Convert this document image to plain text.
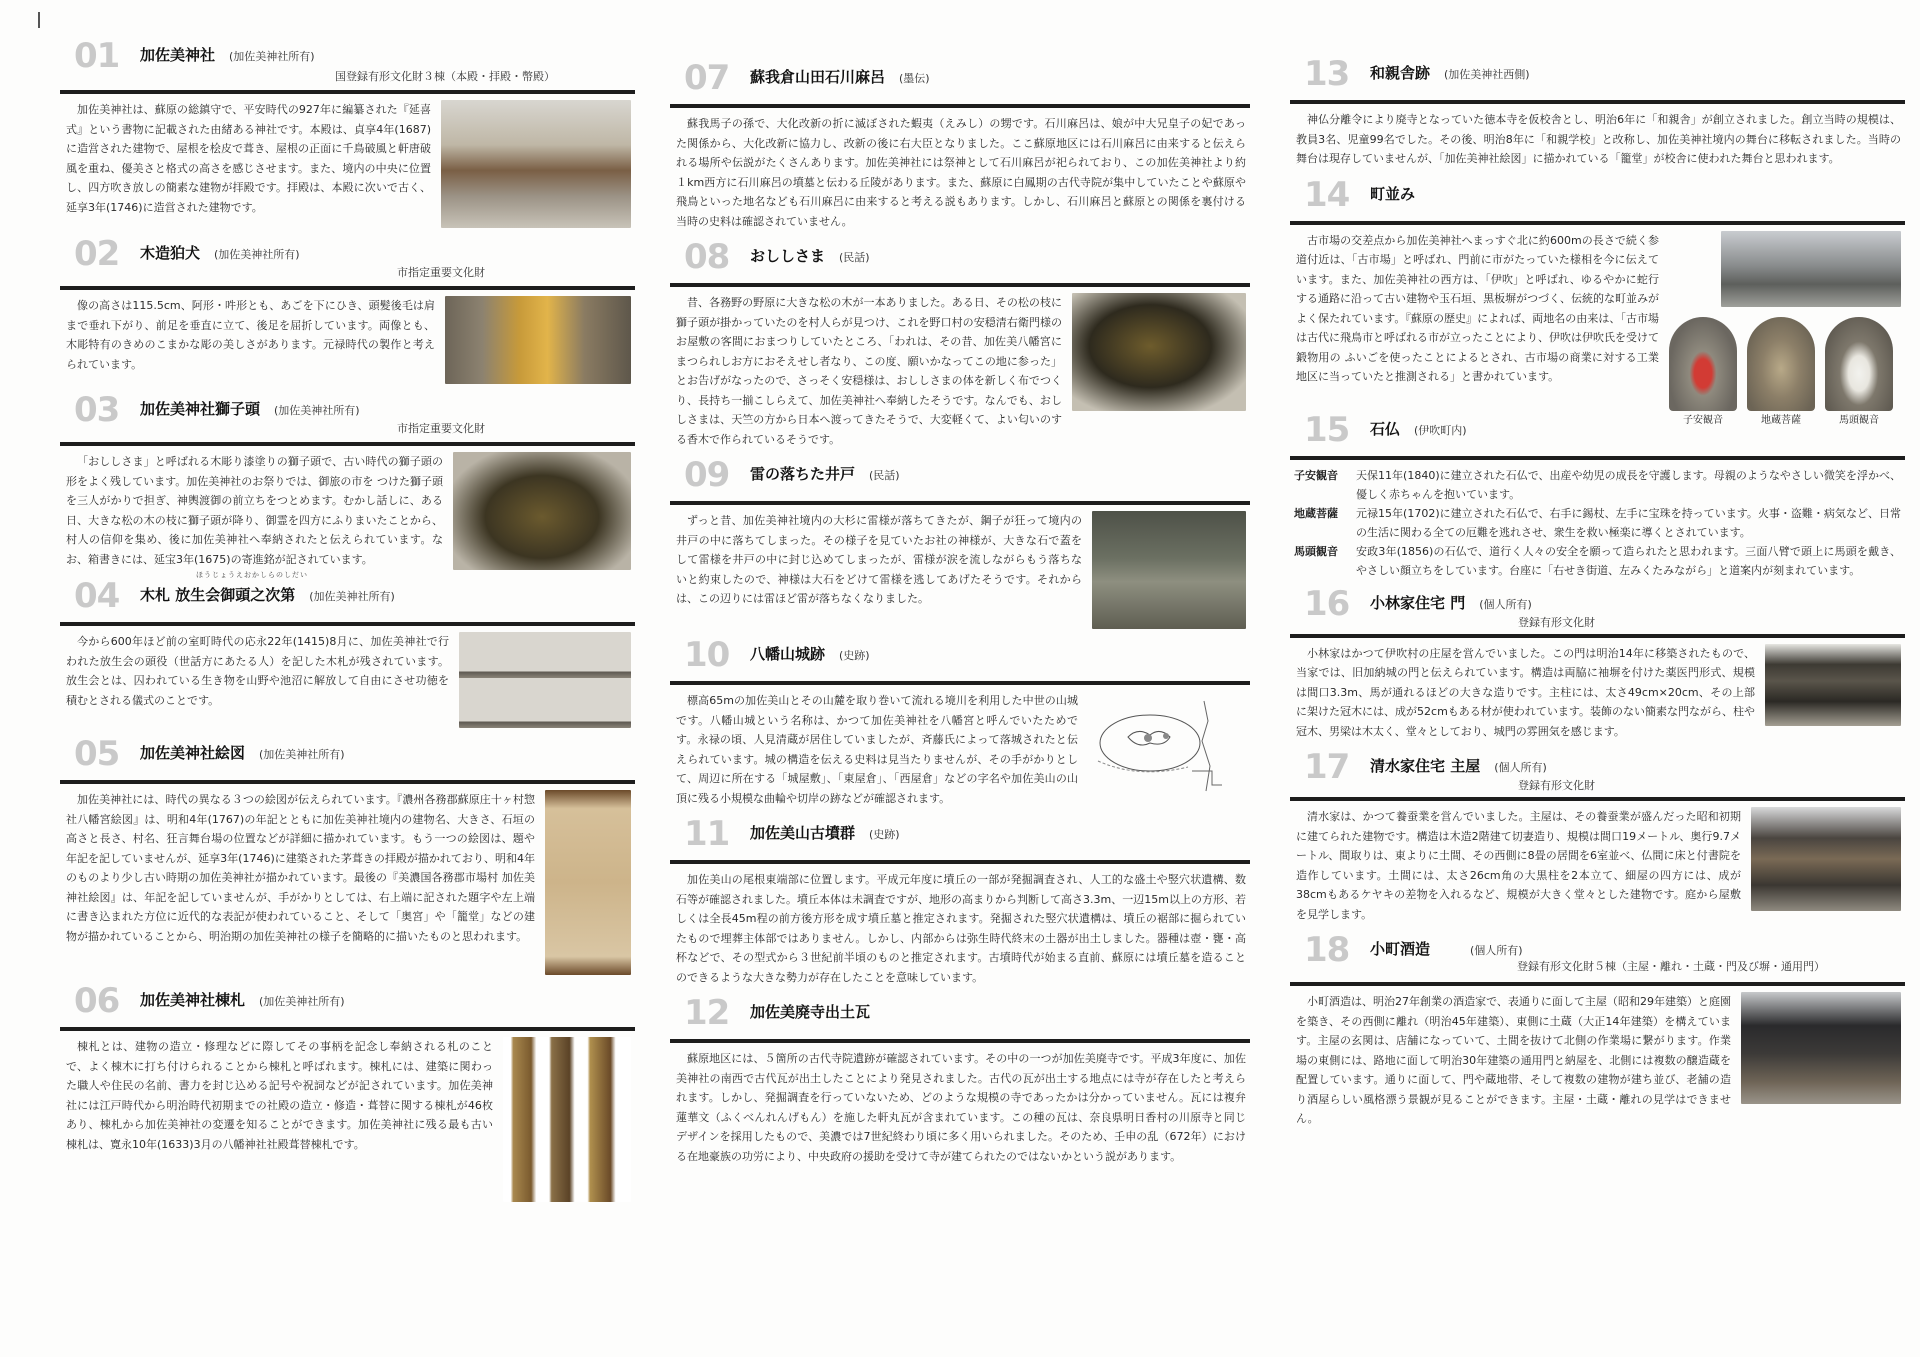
01 加佐美神社 (加佐美神社所有)
国登録有形文化財３棟（本殿・拝殿・幣殿）
加佐美神社は、蘇原の総鎮守で、平安時代の927年に編纂された『延喜式』という書物に記載された由緒ある神社です。本殿は、貞享4年(1687)に造営された建物で、屋根を桧皮で葺き、屋根の正面に千鳥破風と軒唐破風を重ね、優美さと格式の高さを感じさせます。また、境内の中央に位置し、四方吹き放しの簡素な建物が拝殿です。拝殿は、本殿に次いで古く、延享3年(1746)に造営された建物です。
02 木造狛犬 (加佐美神社所有)
市指定重要文化財
像の高さは115.5cm、阿形・吽形とも、あごを下にひき、頭髪後毛は肩まで垂れ下がり、前足を垂直に立て、後足を屈折しています。両像とも、木彫特有のきめのこまかな彫の美しさがあります。元禄時代の製作と考えられています。
03 加佐美神社獅子頭 (加佐美神社所有)
市指定重要文化財
「おししさま」と呼ばれる木彫り漆塗りの獅子頭で、古い時代の獅子頭の形をよく残しています。加佐美神社のお祭りでは、御旅の市を つけた獅子頭を三人がかりで担ぎ、神輿渡御の前立ちをつとめます。むかし話しに、ある日、大きな松の木の枝に獅子頭が降り、御霊を四方にふりまいたことから、村人の信仰を集め、後に加佐美神社へ奉納されたと伝えられています。なお、箱書きには、延宝3年(1675)の寄進銘が記されています。
04
ほうじょうえおかしらのしだい
木札 放生会御頭之次第 (加佐美神社所有)
今から600年ほど前の室町時代の応永22年(1415)8月に、加佐美神社で行われた放生会の頭役（世話方にあたる人）を記した木札が残されています。放生会とは、囚われている生き物を山野や池沼に解放して自由にさせ功徳を積むとされる儀式のことです。
05 加佐美神社絵図 (加佐美神社所有)
加佐美神社には、時代の異なる３つの絵図が伝えられています。『濃州各務郡蘇原庄十ヶ村惣社八幡宮絵図』は、明和4年(1767)の年記とともに加佐美神社境内の建物名、大きさ、石垣の高さと長さ、村名、狂言舞台場の位置などが詳細に描かれています。もう一つの絵図は、題や年記を記していませんが、延享3年(1746)に建築された茅葺きの拝殿が描かれており、明和4年のものより少し古い時期の加佐美神社が描かれています。最後の『美濃国各務郡市場村 加佐美神社絵図』は、年記を記していませんが、手がかりとしては、右上端に記された題字や左上端に書き込まれた方位に近代的な表記が使われていること、そして「奥宮」や「籠堂」などの建物が描かれていることから、明治期の加佐美神社の様子を簡略的に描いたものと思われます。
06 加佐美神社棟札 (加佐美神社所有)
棟札とは、建物の造立・修理などに際してその事柄を記念し奉納される札のことで、よく棟木に打ち付けられることから棟札と呼ばれます。棟札には、建築に関わった職人や住民の名前、書力を封じ込める記号や祝詞などが記されています。加佐美神社には江戸時代から明治時代初期までの社殿の造立・修造・葺替に関する棟札が46枚あり、棟札から加佐美神社の変遷を知ることができます。加佐美神社に残る最も古い棟札は、寛永10年(1633)3月の八幡神社社殿葺替棟札です。
07 蘇我倉山田石川麻呂 (墨伝)
蘇我馬子の孫で、大化改新の折に滅ぼされた蝦夷（えみし）の甥です。石川麻呂は、娘が中大兄皇子の妃であった関係から、大化改新に協力し、改新の後に右大臣となりました。ここ蘇原地区には石川麻呂に由来すると伝えられる場所や伝説がたくさんあります。加佐美神社には祭神として石川麻呂が祀られており、この加佐美神社より約１km西方に石川麻呂の墳墓と伝わる丘陵があります。また、蘇原に白鳳期の古代寺院が集中していたことや蘇原や飛鳥といった地名なども石川麻呂に由来すると考える説もあります。しかし、石川麻呂と蘇原との関係を裏付ける当時の史料は確認されていません。
08 おししさま (民話)
昔、各務野の野原に大きな松の木が一本ありました。ある日、その松の枝に獅子頭が掛かっていたのを村人らが見つけ、これを野口村の安穏清右衛門様のお屋敷の客間におまつりしていたところ、「われは、その昔、加佐美八幡宮にまつられしお方におそえせし者なり、この度、願いかなってこの地に参った」とお告げがなったので、さっそく安穏様は、おししさまの体を新しく布でつくり、長持ち一揃こしらえて、加佐美神社へ奉納したそうです。なんでも、おししさまは、天竺の方から日本へ渡ってきたそうで、大変軽くて、よい匂いのする香木で作られているそうです。
09 雷の落ちた井戸 (民話)
ずっと昔、加佐美神社境内の大杉に雷様が落ちてきたが、鋼子が狂って境内の井戸の中に落ちてしまった。その様子を見ていたお社の神様が、大きな石で蓋をして雷様を井戸の中に封じ込めてしまったが、雷様が涙を流しながらもう落ちないと約束したので、神様は大石をどけて雷様を逃してあげたそうです。それからは、この辺りには雷ほど雷が落ちなくなりました。
10 八幡山城跡 (史跡)
標高65mの加佐美山とその山麓を取り巻いて流れる境川を利用した中世の山城です。八幡山城という名称は、かつて加佐美神社を八幡宮と呼んでいたためです。永禄の頃、人見清蔵が居住していましたが、斉藤氏によって落城されたと伝えられています。城の構造を伝える史料は見当たりませんが、その手がかりとして、周辺に所在する「城屋敷」、「東屋倉」、「西屋倉」などの字名や加佐美山の山頂に残る小規模な曲輪や切岸の跡などが確認されます。
11 加佐美山古墳群 (史跡)
加佐美山の尾根東端部に位置します。平成元年度に墳丘の一部が発掘調査され、人工的な盛土や竪穴状遺構、数石等が確認されました。墳丘本体は未調査ですが、地形の高まりから判断して高さ3.3m、一辺15m以上の方形、若しくは全長45m程の前方後方形を成す墳丘墓と推定されます。発掘された竪穴状遺構は、墳丘の裾部に掘られていたもので埋葬主体部ではありません。しかし、内部からは弥生時代終末の土器が出土しました。器種は壺・甕・高杯などで、その型式から３世紀前半頃のものと推定されます。古墳時代が始まる直前、蘇原には墳丘墓を造ることのできるような大きな勢力が存在したことを意味しています。
12 加佐美廃寺出土瓦
蘇原地区には、５箇所の古代寺院遺跡が確認されています。その中の一つが加佐美廃寺です。平成3年度に、加佐美神社の南西で古代瓦が出土したことにより発見されました。古代の瓦が出土する地点には寺が存在したと考えられます。しかし、発掘調査を行っていないため、どのような規模の寺であったかは分かっていません。瓦には複弁蓮華文（ふくべんれんげもん）を施した軒丸瓦が含まれています。この種の瓦は、奈良県明日香村の川原寺と同じデザインを採用したもので、美濃では7世紀終わり頃に多く用いられました。そのため、壬申の乱（672年）における在地豪族の功労により、中央政府の援助を受けて寺が建てられたのではないかという説があります。
13 和親舎跡 (加佐美神社西側)
神仏分離令により廃寺となっていた徳本寺を仮校舎とし、明治6年に「和親舎」が創立されました。創立当時の規模は、教員3名、児童99名でした。その後、明治8年に「和親学校」と改称し、加佐美神社境内の舞台に移転されました。当時の舞台は現存していませんが、「加佐美神社絵図」に描かれている「籠堂」が校舎に使われた舞台と思われます。
14 町並み
古市場の交差点から加佐美神社へまっすぐ北に約600mの長さで続く参道付近は、「古市場」と呼ばれ、門前に市がたっていた様相を今に伝えています。また、加佐美神社の西方は、「伊吹」と呼ばれ、ゆるやかに蛇行する通路に沿って古い建物や玉石垣、黒板塀がつづく、伝統的な町並みがよく保たれています。『蘇原の歴史』によれば、両地名の由来は、「古市場は古代に飛鳥市と呼ばれる市が立ったことにより、伊吹は伊吹氏を受けて鍛物用の ふいごを使ったことによるとされ、古市場の商業に対する工業地区に当っていたと推測される」と書かれています。
子安観音	地蔵菩薩	馬頭観音
15 石仏 (伊吹町内)
子安観音	天保11年(1840)に建立された石仏で、出産や幼児の成長を守護します。母親のようなやさしい微笑を浮かべ、優しく赤ちゃんを抱いています。
地蔵菩薩	元禄15年(1702)に建立された石仏で、右手に錫杖、左手に宝珠を持っています。火事・盗難・病気など、日常の生活に関わる全ての厄難を逃れさせ、衆生を救い極楽に導くとされています。
馬頭観音	安政3年(1856)の石仏で、道行く人々の安全を願って造られたと思われます。三面八臂で頭上に馬頭を戴き、やさしい顔立ちをしています。台座に「右せき街道、左みくたみながら」と道案内が刻まれています。
16 小林家住宅 門 (個人所有)
登録有形文化財
小林家はかつて伊吹村の庄屋を営んでいました。この門は明治14年に移築されたもので、当家では、旧加納城の門と伝えられています。構造は両脇に袖塀を付けた薬医門形式、規模は間口3.3m、馬が通れるほどの大きな造りです。主柱には、太さ49cm×20cm、その上部に架けた冠木には、成が52cmもある材が使われています。装飾のない簡素な門ながら、柱や冠木、男梁は木太く、堂々としており、城門の雰囲気を感じます。
17 清水家住宅 主屋 (個人所有)
登録有形文化財
清水家は、かつて養蚕業を営んでいました。主屋は、その養蚕業が盛んだった昭和初期に建てられた建物です。構造は木造2階建て切妻造り、規模は間口19メートル、奥行9.7メートル、間取りは、東よりに土間、その西側に8畳の居間を6室並べ、仏間に床と付書院を造作しています。土間には、太さ26cm角の大黒柱を2本立て、細屋の四方には、成が38cmもあるケヤキの差物を入れるなど、規模が大きく堂々とした建物です。庭から屋敷を見学します。
18 小町酒造	(個人所有)
登録有形文化財５棟（主屋・離れ・土蔵・門及び塀・通用門）
小町酒造は、明治27年創業の酒造家で、表通りに面して主屋（昭和29年建築）と庭園を築き、その西側に離れ（明治45年建築）、東側に土蔵（大正14年建築）を構えています。主屋の玄関は、店舗になっていて、土間を抜けて北側の作業場に繋がります。作業場の東側には、路地に面して明治30年建築の通用門と納屋を、北側には複数の醸造蔵を配置しています。通りに面して、門や蔵地帯、そして複数の建物が建ち並び、老舗の造り酒屋らしい風格漂う景観が見ることができます。主屋・土蔵・離れの見学はできません。
